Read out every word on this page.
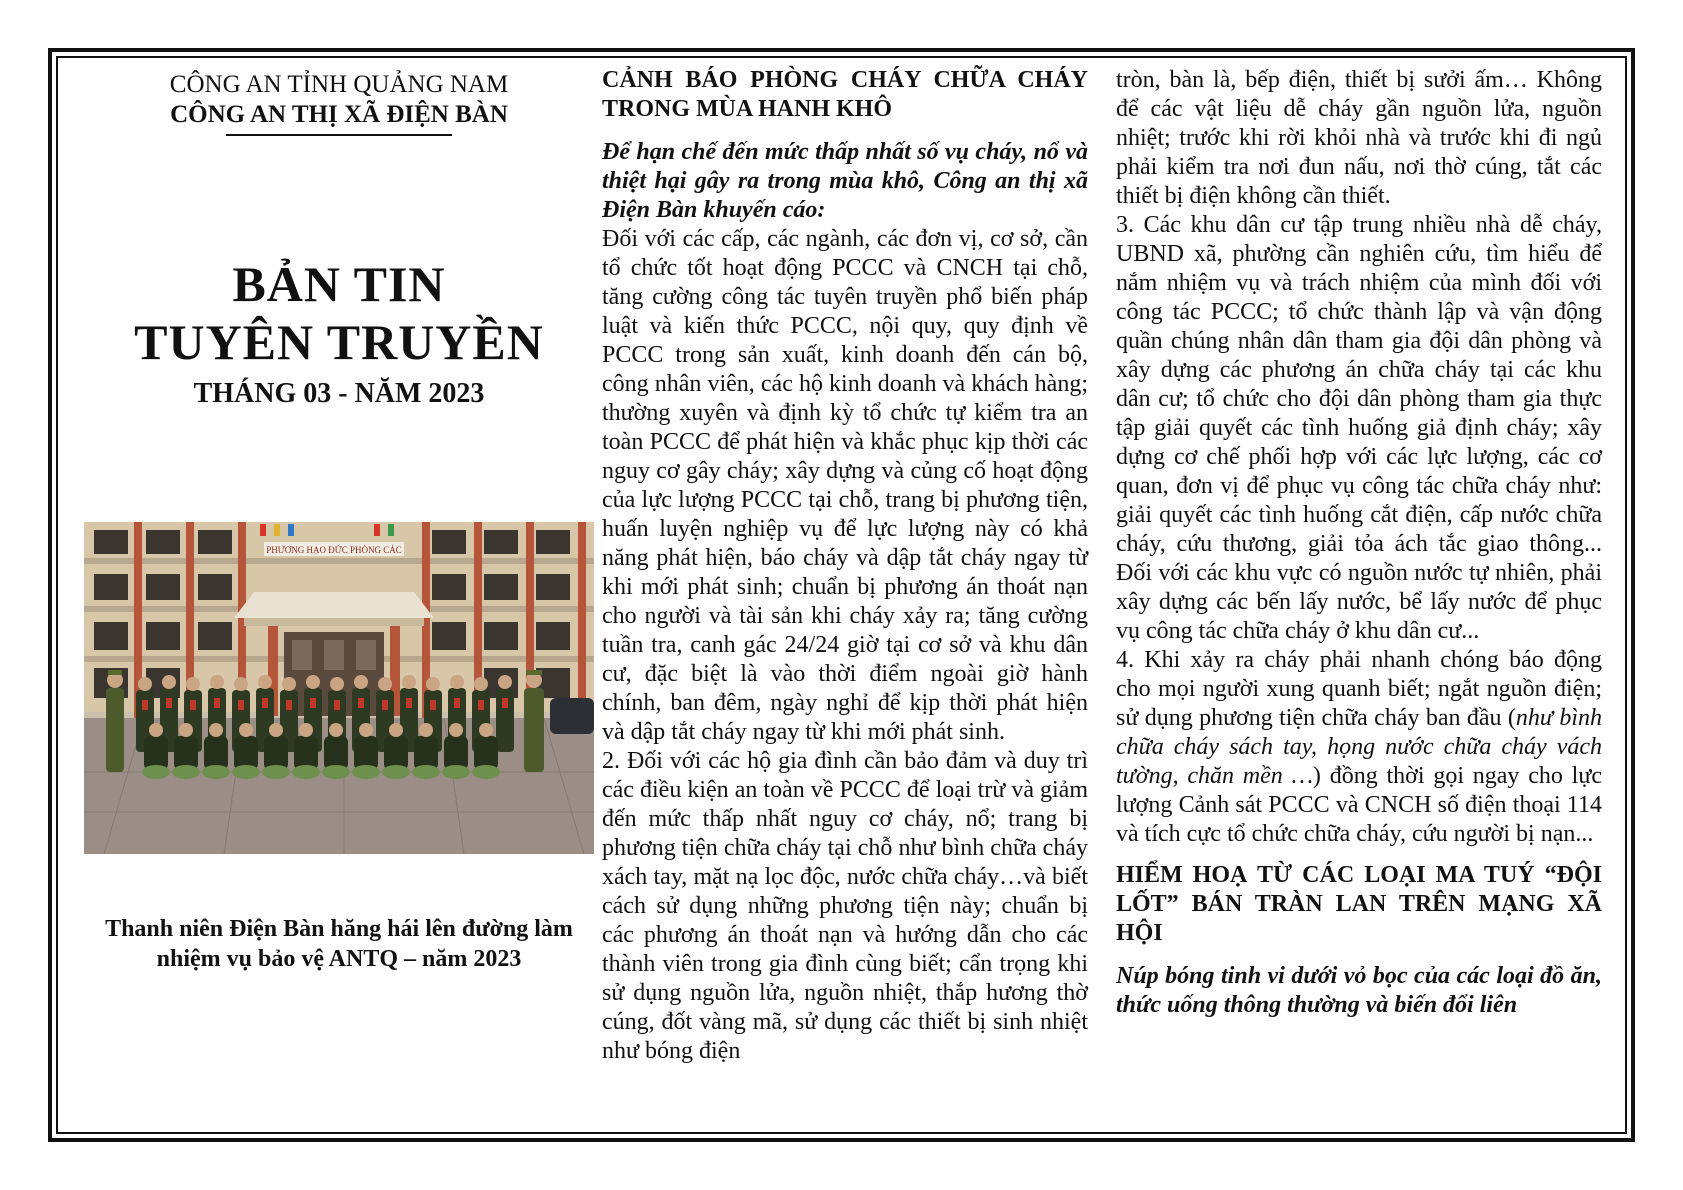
CÔNG AN TỈNH QUẢNG NAM
CÔNG AN THỊ XÃ ĐIỆN BÀN
BẢN TIN
TUYÊN TRUYỀN
THÁNG 03 - NĂM 2023
PHƯƠNG HẠO ĐỨC PHÒNG CÁC
Thanh niên Điện Bàn hăng hái lên đường làm nhiệm vụ bảo vệ ANTQ – năm 2023
CẢNH BÁO PHÒNG CHÁY CHỮA CHÁY TRONG MÙA HANH KHÔ
Để hạn chế đến mức thấp nhất số vụ cháy, nổ và thiệt hại gây ra trong mùa khô, Công an thị xã Điện Bàn khuyến cáo:

Đối với các cấp, các ngành, các đơn vị, cơ sở, cần tổ chức tốt hoạt động PCCC và CNCH tại chỗ, tăng cường công tác tuyên truyền phổ biến pháp luật và kiến thức PCCC, nội quy, quy định về PCCC trong sản xuất, kinh doanh đến cán bộ, công nhân viên, các hộ kinh doanh và khách hàng; thường xuyên và định kỳ tổ chức tự kiểm tra an toàn PCCC để phát hiện và khắc phục kịp thời các nguy cơ gây cháy; xây dựng và củng cố hoạt động của lực lượng PCCC tại chỗ, trang bị phương tiện, huấn luyện nghiệp vụ để lực lượng này có khả năng phát hiện, báo cháy và dập tắt cháy ngay từ khi mới phát sinh; chuẩn bị phương án thoát nạn cho người và tài sản khi cháy xảy ra; tăng cường tuần tra, canh gác 24/24 giờ tại cơ sở và khu dân cư, đặc biệt là vào thời điểm ngoài giờ hành chính, ban đêm, ngày nghỉ để kịp thời phát hiện và dập tắt cháy ngay từ khi mới phát sinh.

2. Đối với các hộ gia đình cần bảo đảm và duy trì các điều kiện an toàn về PCCC để loại trừ và giảm đến mức thấp nhất nguy cơ cháy, nổ; trang bị phương tiện chữa cháy tại chỗ như bình chữa cháy xách tay, mặt nạ lọc độc, nước chữa cháy…và biết cách sử dụng những phương tiện này; chuẩn bị các phương án thoát nạn và hướng dẫn cho các thành viên trong gia đình cùng biết; cẩn trọng khi sử dụng nguồn lửa, nguồn nhiệt, thắp hương thờ cúng, đốt vàng mã, sử dụng các thiết bị sinh nhiệt như bóng điện

tròn, bàn là, bếp điện, thiết bị sưởi ấm… Không để các vật liệu dễ cháy gần nguồn lửa, nguồn nhiệt; trước khi rời khỏi nhà và trước khi đi ngủ phải kiểm tra nơi đun nấu, nơi thờ cúng, tắt các thiết bị điện không cần thiết.

3. Các khu dân cư tập trung nhiều nhà dễ cháy, UBND xã, phường cần nghiên cứu, tìm hiểu để nắm nhiệm vụ và trách nhiệm của mình đối với công tác PCCC; tổ chức thành lập và vận động quần chúng nhân dân tham gia đội dân phòng và xây dựng các phương án chữa cháy tại các khu dân cư; tổ chức cho đội dân phòng tham gia thực tập giải quyết các tình huống giả định cháy; xây dựng cơ chế phối hợp với các lực lượng, các cơ quan, đơn vị để phục vụ công tác chữa cháy như: giải quyết các tình huống cắt điện, cấp nước chữa cháy, cứu thương, giải tỏa ách tắc giao thông... Đối với các khu vực có nguồn nước tự nhiên, phải xây dựng các bến lấy nước, bể lấy nước để phục vụ công tác chữa cháy ở khu dân cư...

4. Khi xảy ra cháy phải nhanh chóng báo động cho mọi người xung quanh biết; ngắt nguồn điện; sử dụng phương tiện chữa cháy ban đầu (như bình chữa cháy sách tay, họng nước chữa cháy vách tường, chăn mền …) đồng thời gọi ngay cho lực lượng Cảnh sát PCCC và CNCH số điện thoại 114 và tích cực tổ chức chữa cháy, cứu người bị nạn...

HIỂM HOẠ TỪ CÁC LOẠI MA TUÝ “ĐỘI LỐT” BÁN TRÀN LAN TRÊN MẠNG XÃ HỘI
Núp bóng tinh vi dưới vỏ bọc của các loại đồ ăn, thức uống thông thường và biến đổi liên
